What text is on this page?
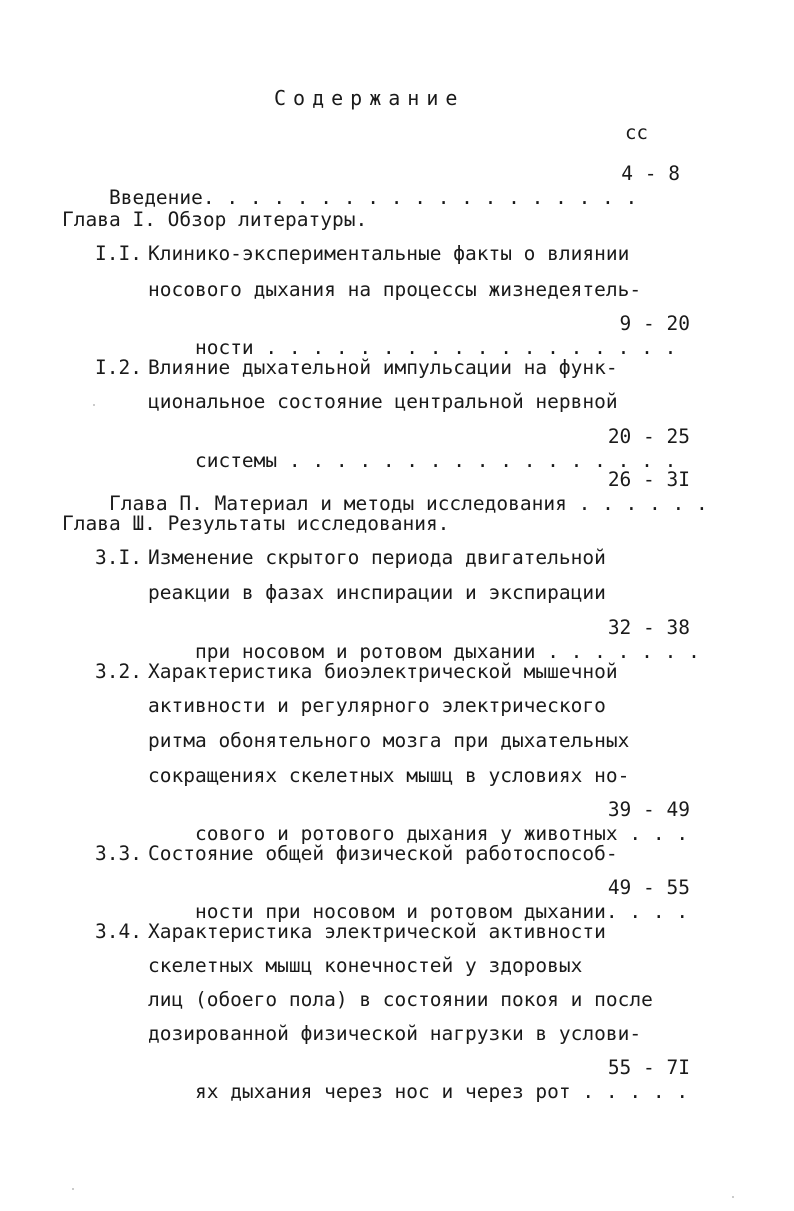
Содержание
сс

Введение. . . . . . . . . . . . . . . . . . .

4 - 8
Глава I. Обзор литературы.
I.I. Клинико-экспериментальные факты о влиянии
носового дыхания на процессы жизнедеятель-

ности . . . . . . . . . . . . . . . . . .

9 - 20
I.2. Влияние дыхательной импульсации на функ-
циональное состояние центральной нервной

системы . . . . . . . . . . . . . . . . .

20 - 25

Глава П. Материал и методы исследования . . . . . .

26 - 3I
Глава Ш. Результаты исследования.
3.I. Изменение скрытого периода двигательной
реакции в фазах инспирации и экспирации

при носовом и ротовом дыхании . . . . . . .

32 - 38
3.2. Характеристика биоэлектрической мышечной
активности и регулярного электрического
ритма обонятельного мозга при дыхательных
сокращениях скелетных мышц в условиях но-

сового и ротового дыхания у животных . . .

39 - 49
3.3. Состояние общей физической работоспособ-

ности при носовом и ротовом дыхании. . . .

49 - 55
3.4. Характеристика электрической активности
скелетных мышц конечностей у здоровых
лиц (обоего пола) в состоянии покоя и после
дозированной физической нагрузки в услови-

ях дыхания через нос и через рот . . . . .

55 - 7I
